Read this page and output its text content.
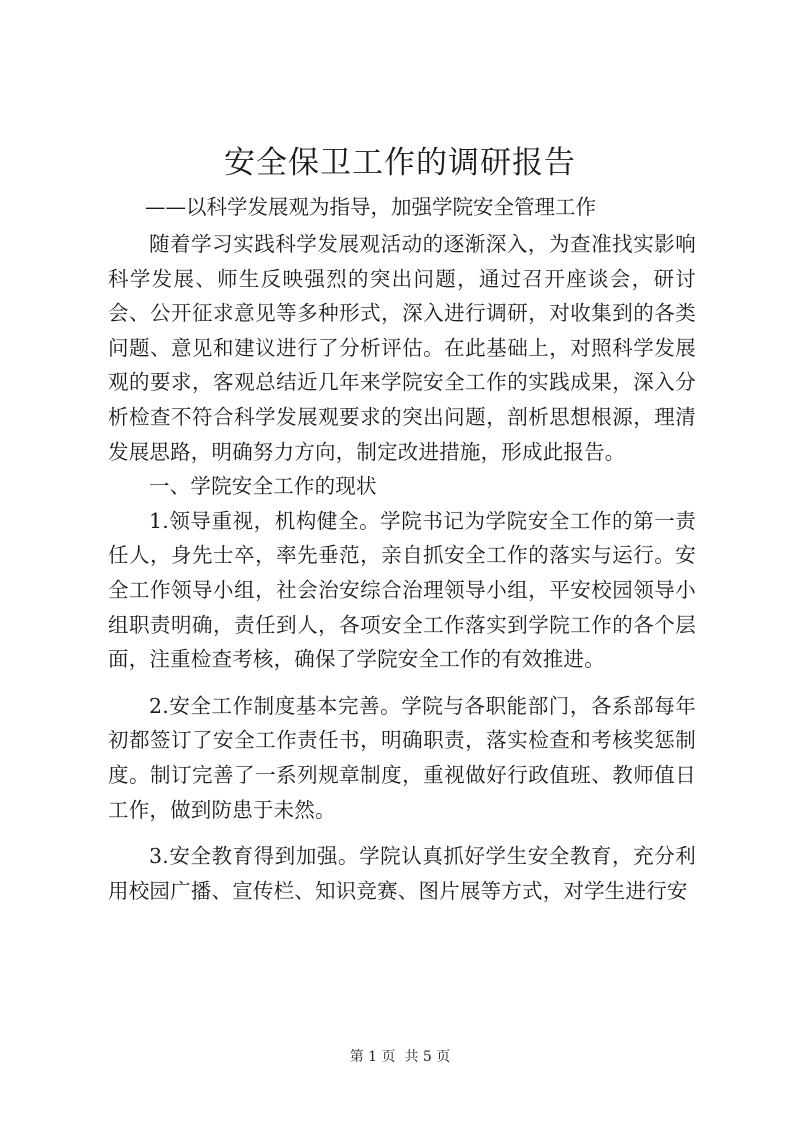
安全保卫工作的调研报告

——以科学发展观为指导，加强学院安全管理工作

随着学习实践科学发展观活动的逐渐深入，为查准找实影响科学发展、师生反映强烈的突出问题，通过召开座谈会，研讨会、公开征求意见等多种形式，深入进行调研，对收集到的各类问题、意见和建议进行了分析评估。在此基础上，对照科学发展观的要求，客观总结近几年来学院安全工作的实践成果，深入分析检查不符合科学发展观要求的突出问题，剖析思想根源，理清发展思路，明确努力方向，制定改进措施，形成此报告。

一、学院安全工作的现状

1.领导重视，机构健全。学院书记为学院安全工作的第一责任人，身先士卒，率先垂范，亲自抓安全工作的落实与运行。安全工作领导小组，社会治安综合治理领导小组，平安校园领导小组职责明确，责任到人，各项安全工作落实到学院工作的各个层面，注重检查考核，确保了学院安全工作的有效推进。

2.安全工作制度基本完善。学院与各职能部门，各系部每年初都签订了安全工作责任书，明确职责，落实检查和考核奖惩制度。制订完善了一系列规章制度，重视做好行政值班、教师值日工作，做到防患于未然。

3.安全教育得到加强。学院认真抓好学生安全教育，充分利用校园广播、宣传栏、知识竞赛、图片展等方式，对学生进行安

第 1 页  共 5 页
